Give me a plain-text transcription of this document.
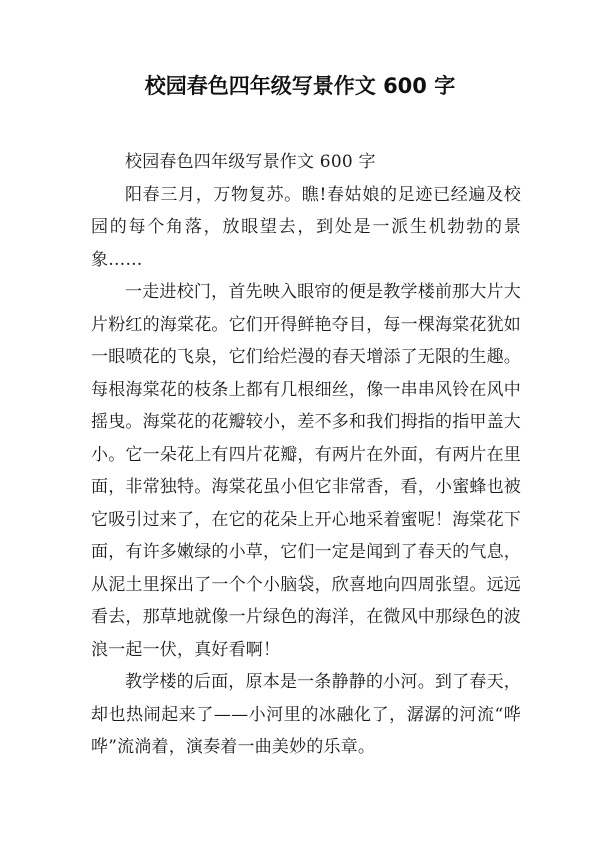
校园春色四年级写景作文 600 字

校园春色四年级写景作文 600 字

阳春三月，万物复苏。瞧!春姑娘的足迹已经遍及校园的每个角落，放眼望去，到处是一派生机勃勃的景象……

一走进校门，首先映入眼帘的便是教学楼前那大片大片粉红的海棠花。它们开得鲜艳夺目，每一棵海棠花犹如一眼喷花的飞泉，它们给烂漫的春天增添了无限的生趣。每根海棠花的枝条上都有几根细丝，像一串串风铃在风中摇曳。海棠花的花瓣较小，差不多和我们拇指的指甲盖大小。它一朵花上有四片花瓣，有两片在外面，有两片在里面，非常独特。海棠花虽小但它非常香，看，小蜜蜂也被它吸引过来了，在它的花朵上开心地采着蜜呢！海棠花下面，有许多嫩绿的小草，它们一定是闻到了春天的气息，从泥土里探出了一个个小脑袋，欣喜地向四周张望。远远看去，那草地就像一片绿色的海洋，在微风中那绿色的波浪一起一伏，真好看啊！

教学楼的后面，原本是一条静静的小河。到了春天，却也热闹起来了——小河里的冰融化了，潺潺的河流“哗哗”流淌着，演奏着一曲美妙的乐章。
